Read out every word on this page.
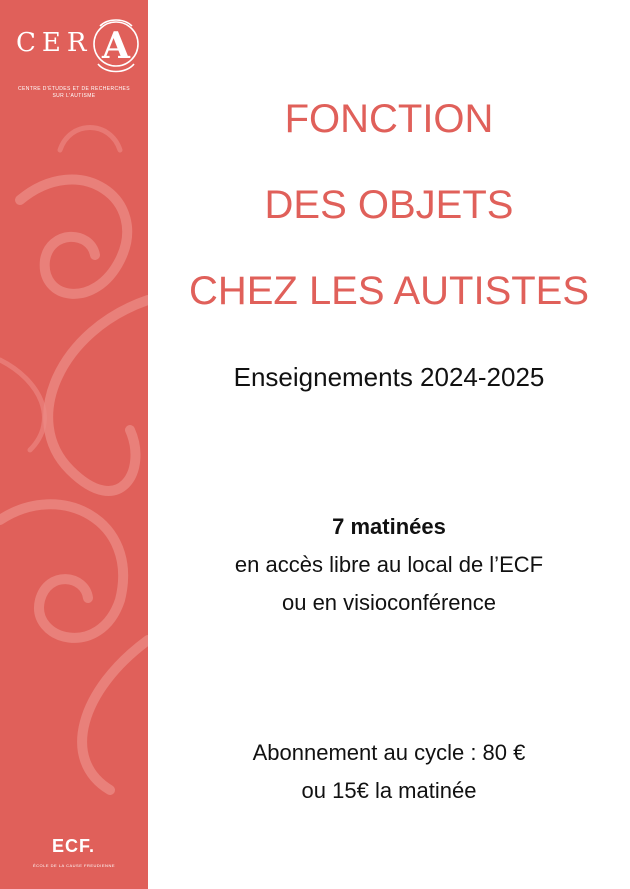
CER A
CENTRE D'ÉTUDES ET DE RECHERCHES
SUR L'AUTISME
ECF.
ÉCOLE DE LA CAUSE FREUDIENNE
FONCTION
DES OBJETS
CHEZ LES AUTISTES
Enseignements 2024-2025
7 matinées
en accès libre au local de l’ECF
ou en visioconférence
Abonnement au cycle : 80 €
ou 15€ la matinée
